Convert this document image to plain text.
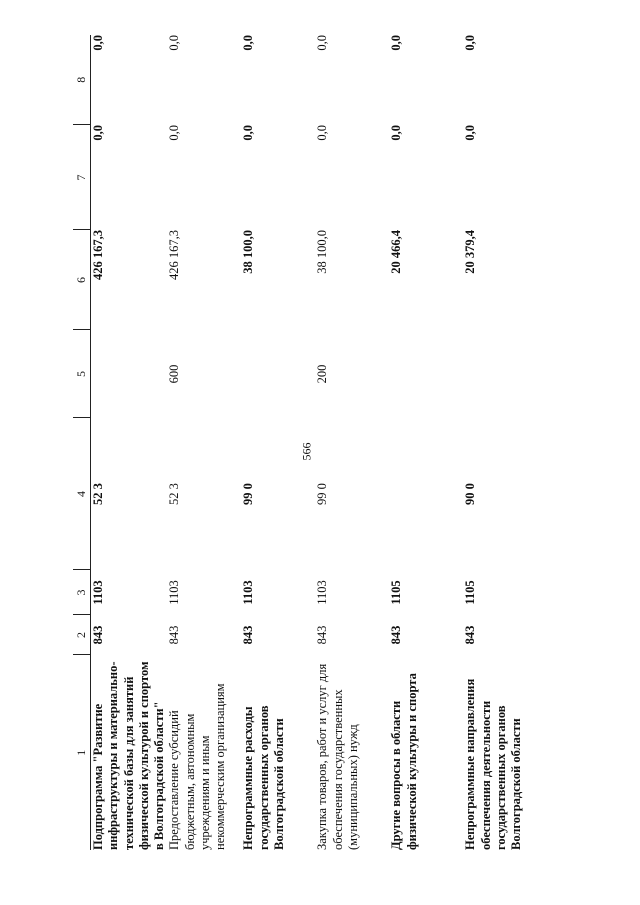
566
1	2	3	4	5	6	7	8
Подпрограмма "Развитие инфраструктуры и материально-технической базы для занятий физической культурой и спортом в Волгоградской области"	843	1103	52 3		426 167,3	0,0	0,0
Предоставление субсидий бюджетным, автономным учреждениям и иным некоммерческим организациям	843	1103	52 3	600	426 167,3	0,0	0,0
Непрограммные расходы государственных органов Волгоградской области	843	1103	99 0		38 100,0	0,0	0,0
Закупка товаров, работ и услуг для обеспечения государственных (муниципальных) нужд	843	1103	99 0	200	38 100,0	0,0	0,0
Другие вопросы в области физической культуры и спорта	843	1105			20 466,4	0,0	0,0
Непрограммные направления обеспечения деятельности государственных органов Волгоградской области	843	1105	90 0		20 379,4	0,0	0,0
